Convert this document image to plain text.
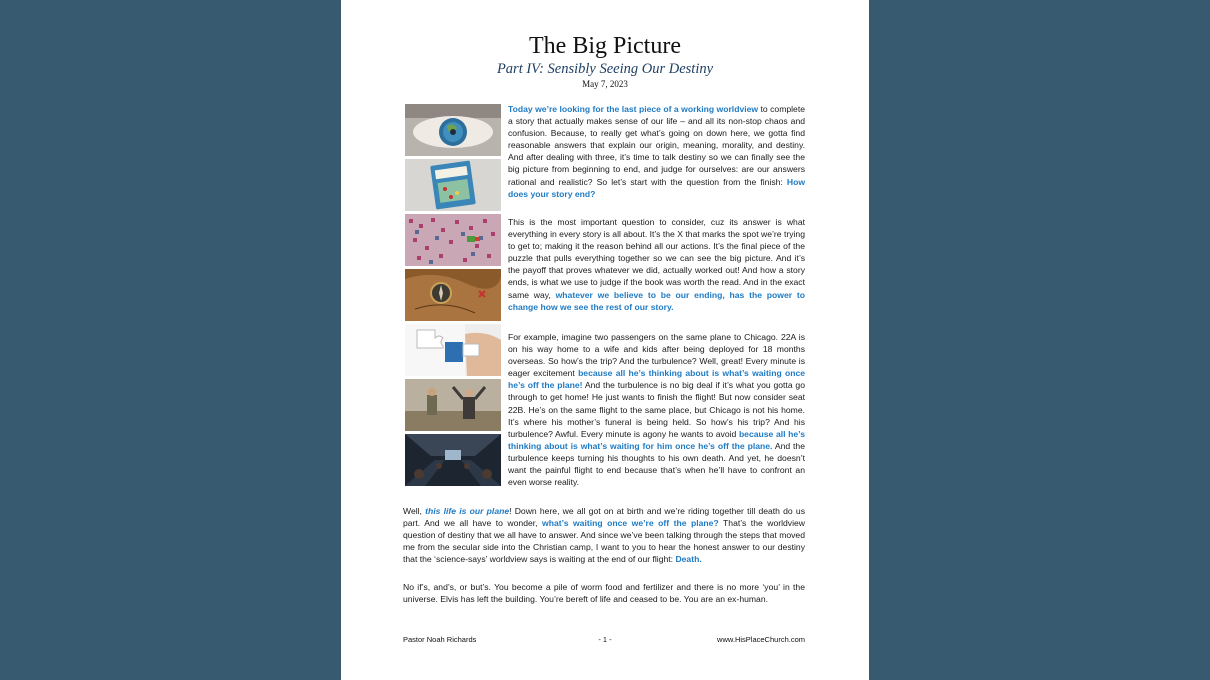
The Big Picture
Part IV: Sensibly Seeing Our Destiny
May 7, 2023
Today we’re looking for the last piece of a working worldview to complete a story that actually makes sense of our life – and all its non-stop chaos and confusion. Because, to really get what’s going on down here, we gotta find reasonable answers that explain our origin, meaning, morality, and destiny. And after dealing with three, it’s time to talk destiny so we can finally see the big picture from beginning to end, and judge for ourselves: are our answers rational and realistic? So let’s start with the question from the finish: How does your story end?
This is the most important question to consider, cuz its answer is what everything in every story is all about. It’s the X that marks the spot we’re trying to get to; making it the reason behind all our actions. It’s the final piece of the puzzle that pulls everything together so we can see the big picture. And it’s the payoff that proves whatever we did, actually worked out! And how a story ends, is what we use to judge if the book was worth the read. And in the exact same way, whatever we believe to be our ending, has the power to change how we see the rest of our story.
For example, imagine two passengers on the same plane to Chicago. 22A is on his way home to a wife and kids after being deployed for 18 months overseas. So how’s the trip? And the turbulence? Well, great! Every minute is eager excitement because all he’s thinking about is what’s waiting once he’s off the plane! And the turbulence is no big deal if it’s what you gotta go through to get home! He just wants to finish the flight! But now consider seat 22B. He’s on the same flight to the same place, but Chicago is not his home. It’s where his mother’s funeral is being held. So how’s his trip? And his turbulence? Awful. Every minute is agony he wants to avoid because all he’s thinking about is what’s waiting for him once he’s off the plane. And the turbulence keeps turning his thoughts to his own death. And yet, he doesn’t want the painful flight to end because that’s when he’ll have to confront an even worse reality.
Well, this life is our plane! Down here, we all got on at birth and we’re riding together till death do us part. And we all have to wonder, what’s waiting once we’re off the plane? That’s the worldview question of destiny that we all have to answer. And since we’ve been talking through the steps that moved me from the secular side into the Christian camp, I want to you to hear the honest answer to our destiny that the ‘science-says’ worldview says is waiting at the end of our flight: Death.
No if’s, and’s, or but’s. You become a pile of worm food and fertilizer and there is no more ‘you’ in the universe. Elvis has left the building. You’re bereft of life and ceased to be. You are an ex-human.
Pastor Noah Richards	- 1 -	www.HisPlaceChurch.com
